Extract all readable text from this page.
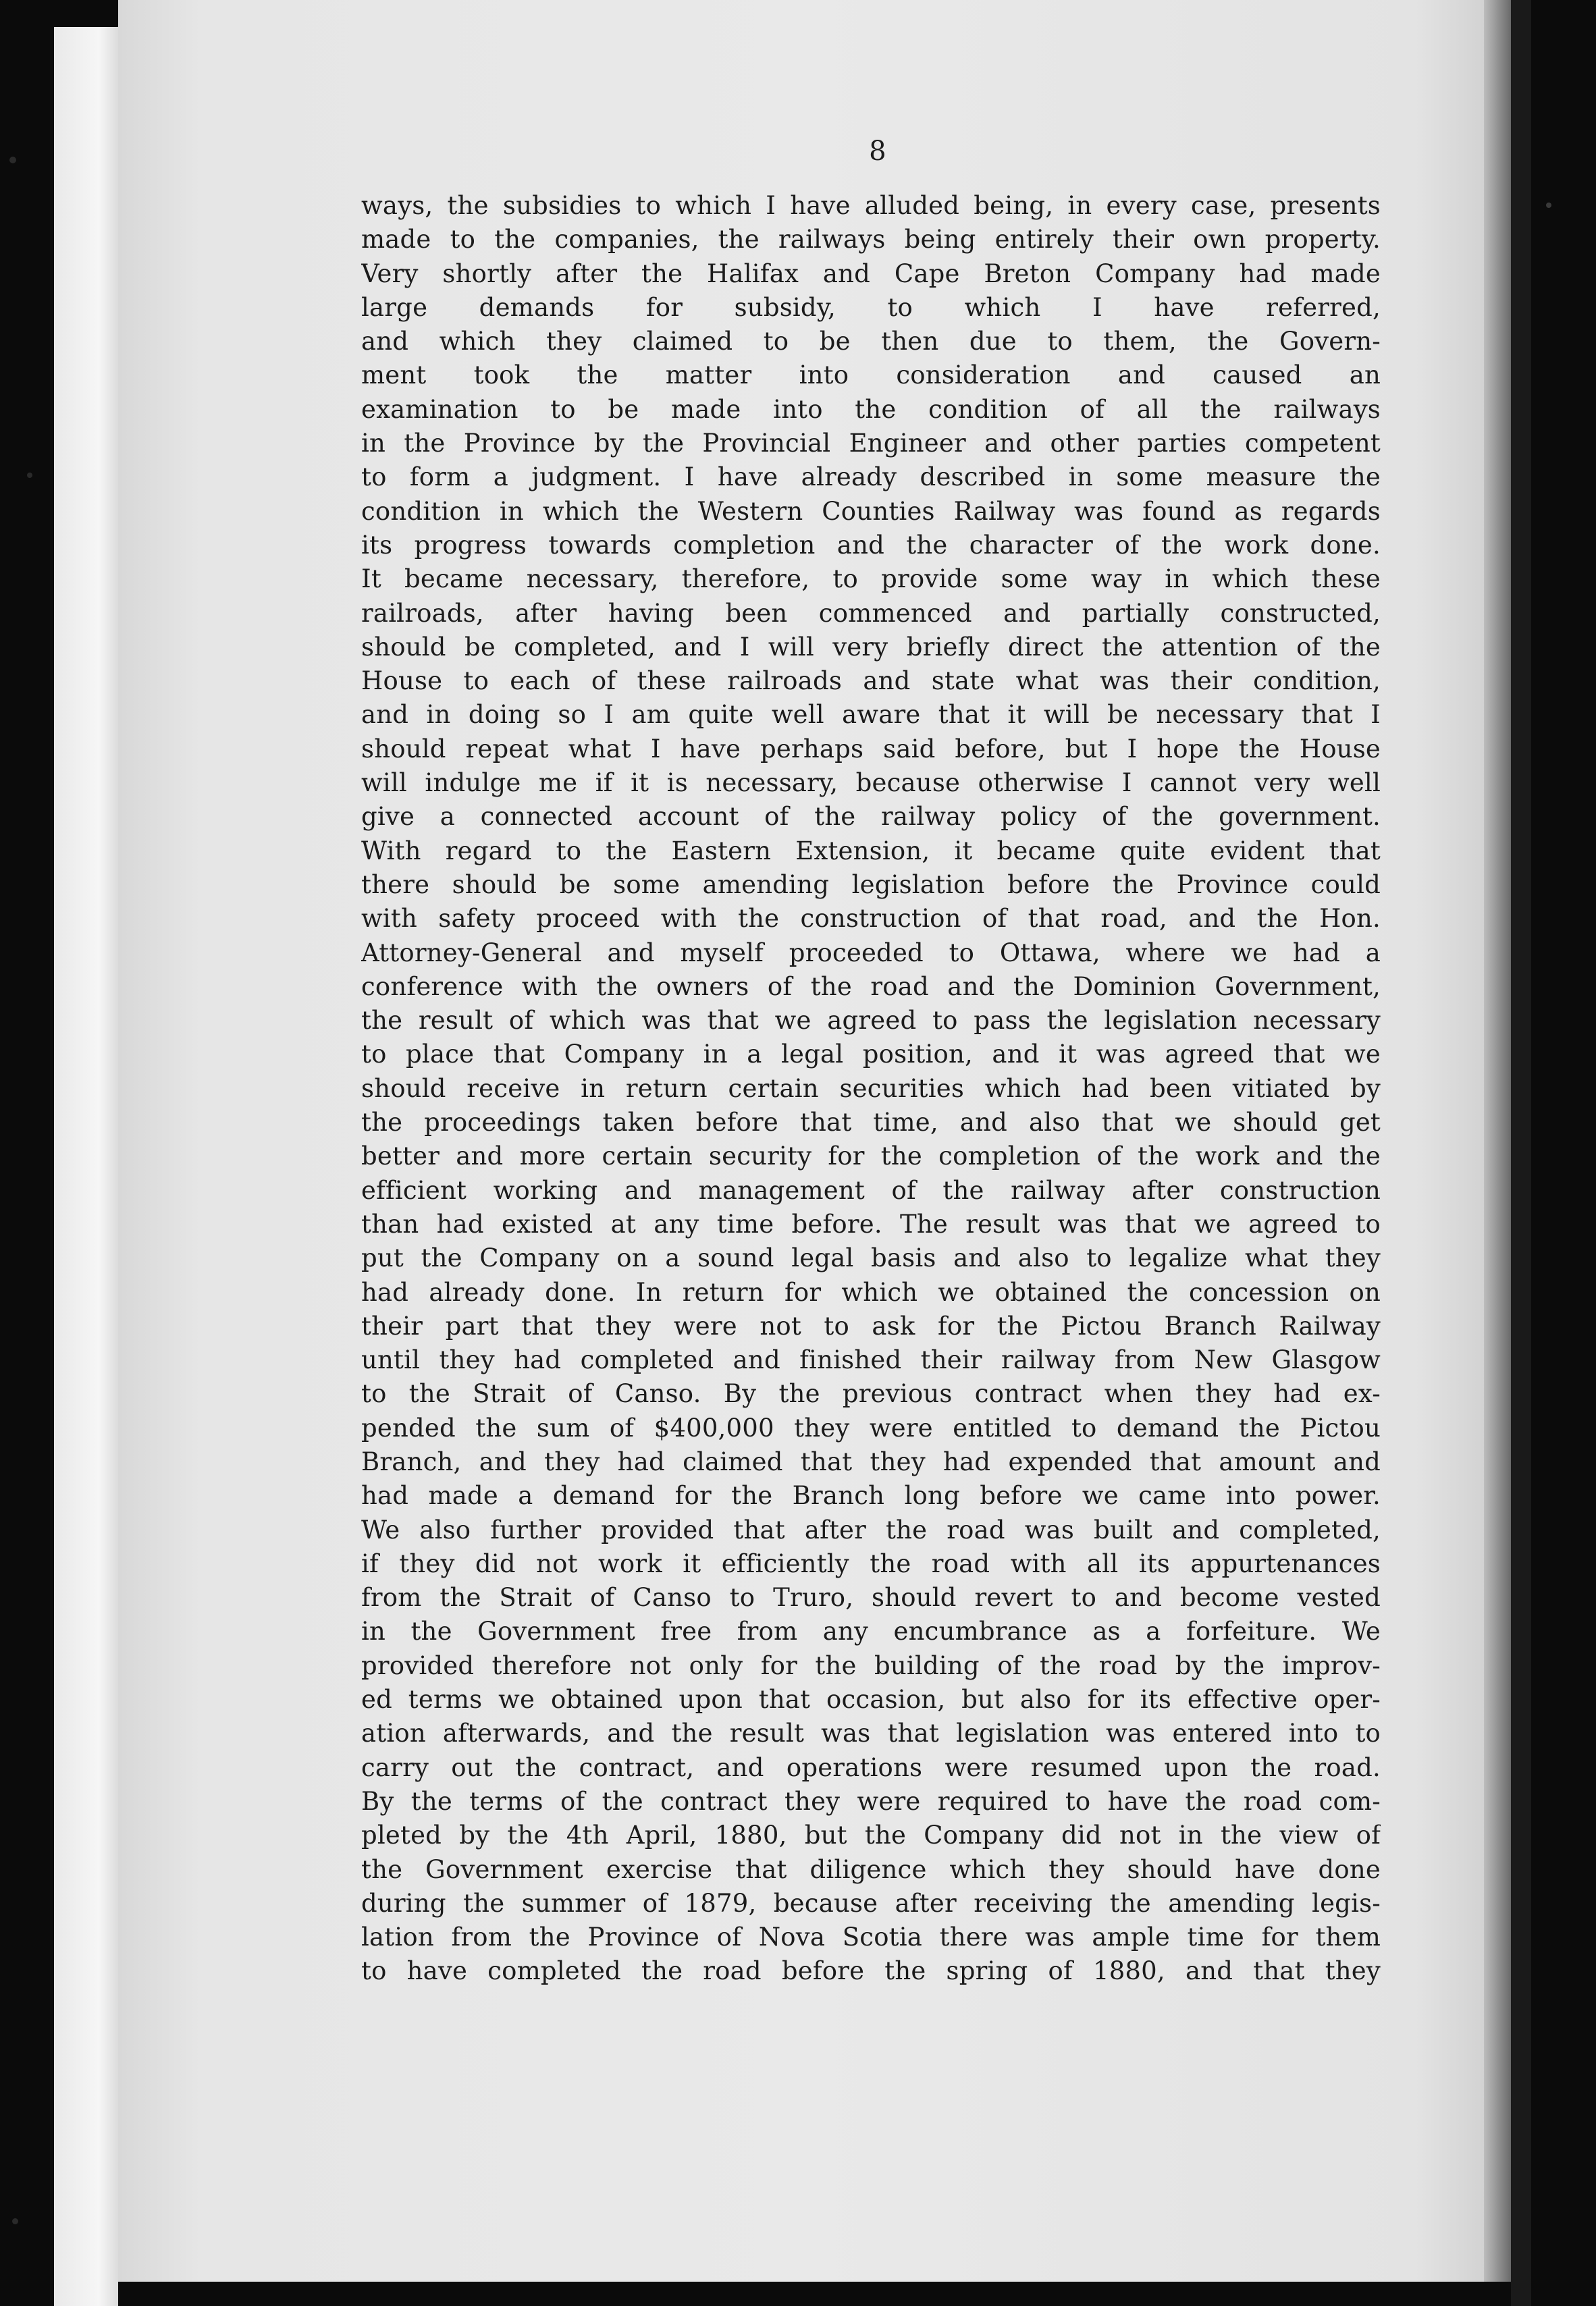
8
ways, the subsidies to which I have alluded being, in every case, presents
made to the companies, the railways being entirely their own property.
Very shortly after the Halifax and Cape Breton Company had made
large demands for subsidy, to which I have referred,
and which they claimed to be then due to them, the Govern-
ment took the matter into consideration and caused an
examination to be made into the condition of all the railways
in the Province by the Provincial Engineer and other parties competent
to form a judgment. I have already described in some measure the
condition in which the Western Counties Railway was found as regards
its progress towards completion and the character of the work done.
It became necessary, therefore, to provide some way in which these
railroads, after having been commenced and partially constructed,
should be completed, and I will very briefly direct the attention of the
House to each of these railroads and state what was their condition,
and in doing so I am quite well aware that it will be necessary that I
should repeat what I have perhaps said before, but I hope the House
will indulge me if it is necessary, because otherwise I cannot very well
give a connected account of the railway policy of the government.
With regard to the Eastern Extension, it became quite evident that
there should be some amending legislation before the Province could
with safety proceed with the construction of that road, and the Hon.
Attorney-General and myself proceeded to Ottawa, where we had a
conference with the owners of the road and the Dominion Government,
the result of which was that we agreed to pass the legislation necessary
to place that Company in a legal position, and it was agreed that we
should receive in return certain securities which had been vitiated by
the proceedings taken before that time, and also that we should get
better and more certain security for the completion of the work and the
efficient working and management of the railway after construction
than had existed at any time before. The result was that we agreed to
put the Company on a sound legal basis and also to legalize what they
had already done. In return for which we obtained the concession on
their part that they were not to ask for the Pictou Branch Railway
until they had completed and finished their railway from New Glasgow
to the Strait of Canso. By the previous contract when they had ex-
pended the sum of $400,000 they were entitled to demand the Pictou
Branch, and they had claimed that they had expended that amount and
had made a demand for the Branch long before we came into power.
We also further provided that after the road was built and completed,
if they did not work it efficiently the road with all its appurtenances
from the Strait of Canso to Truro, should revert to and become vested
in the Government free from any encumbrance as a forfeiture. We
provided therefore not only for the building of the road by the improv-
ed terms we obtained upon that occasion, but also for its effective oper-
ation afterwards, and the result was that legislation was entered into to
carry out the contract, and operations were resumed upon the road.
By the terms of the contract they were required to have the road com-
pleted by the 4th April, 1880, but the Company did not in the view of
the Government exercise that diligence which they should have done
during the summer of 1879, because after receiving the amending legis-
lation from the Province of Nova Scotia there was ample time for them
to have completed the road before the spring of 1880, and that they
